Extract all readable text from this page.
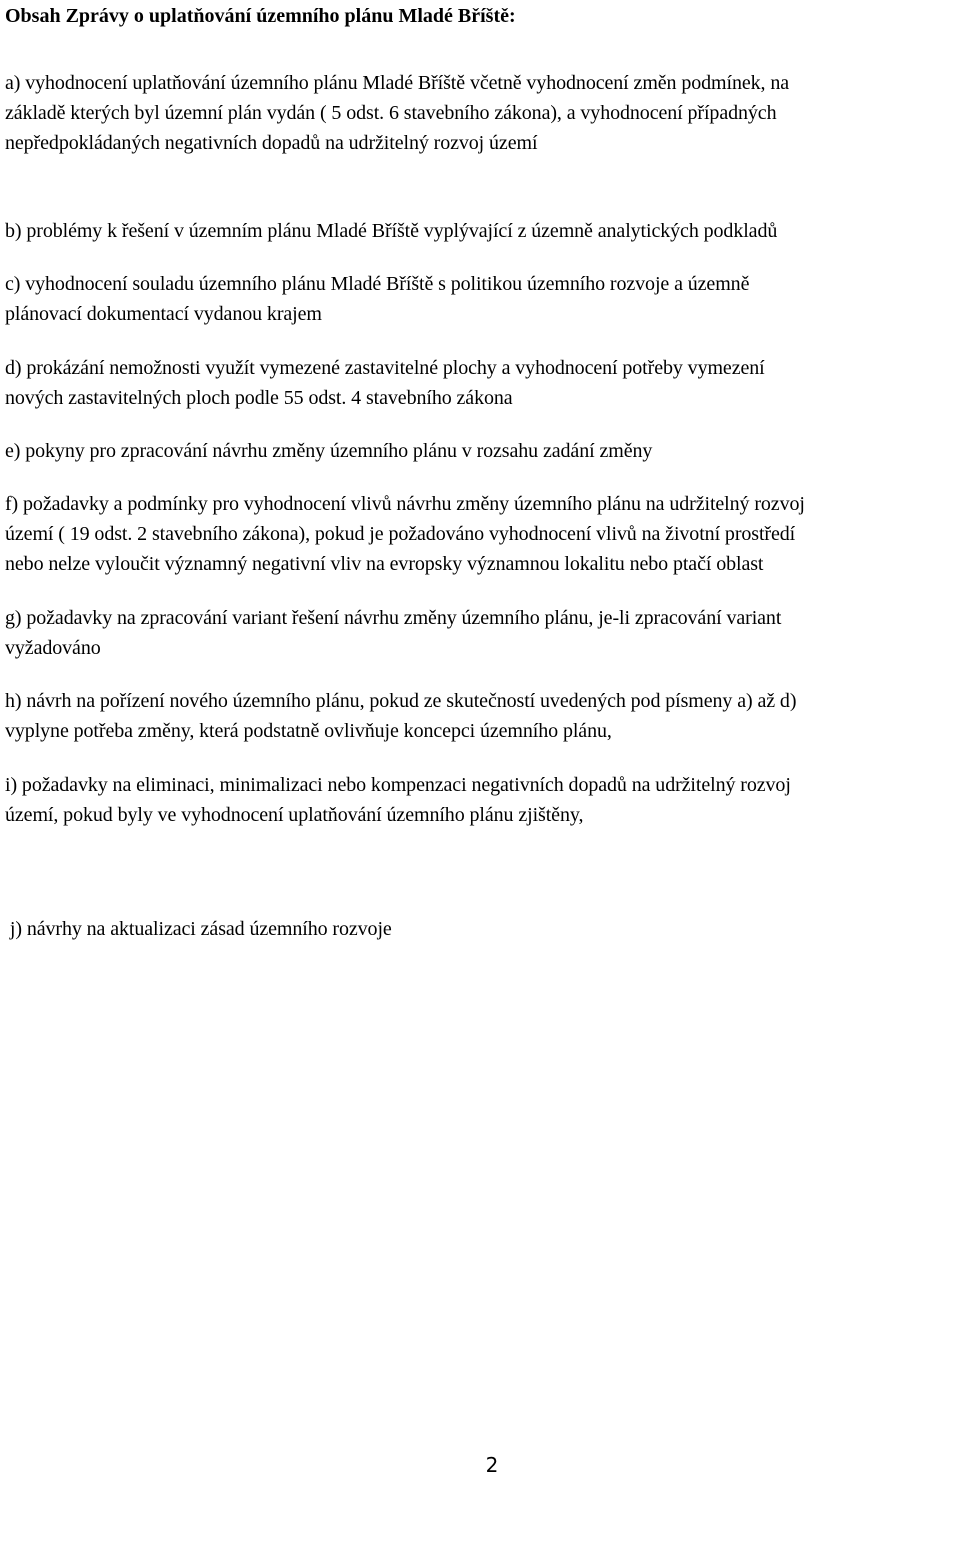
Obsah Zprávy o uplatňování územního plánu Mladé Bříště:

a) vyhodnocení uplatňování územního plánu Mladé Bříště včetně vyhodnocení změn podmínek, na
základě kterých byl územní plán vydán ( 5 odst. 6 stavebního zákona), a vyhodnocení případných
nepředpokládaných negativních dopadů na udržitelný rozvoj území

b) problémy k řešení v územním plánu Mladé Bříště vyplývající z územně analytických podkladů

c) vyhodnocení souladu územního plánu Mladé Bříště s politikou územního rozvoje a územně
plánovací dokumentací vydanou krajem

d) prokázání nemožnosti využít vymezené zastavitelné plochy a vyhodnocení potřeby vymezení
nových zastavitelných ploch podle 55 odst. 4 stavebního zákona

e) pokyny pro zpracování návrhu změny územního plánu v rozsahu zadání změny

f) požadavky a podmínky pro vyhodnocení vlivů návrhu změny územního plánu na udržitelný rozvoj
území ( 19 odst. 2 stavebního zákona), pokud je požadováno vyhodnocení vlivů na životní prostředí
nebo nelze vyloučit významný negativní vliv na evropsky významnou lokalitu nebo ptačí oblast

g) požadavky na zpracování variant řešení návrhu změny územního plánu, je-li zpracování variant
vyžadováno

h) návrh na pořízení nového územního plánu, pokud ze skutečností uvedených pod písmeny a) až d)
vyplyne potřeba změny, která podstatně ovlivňuje koncepci územního plánu,

i) požadavky na eliminaci, minimalizaci nebo kompenzaci negativních dopadů na udržitelný rozvoj
území, pokud byly ve vyhodnocení uplatňování územního plánu zjištěny,

j) návrhy na aktualizaci zásad územního rozvoje

2
